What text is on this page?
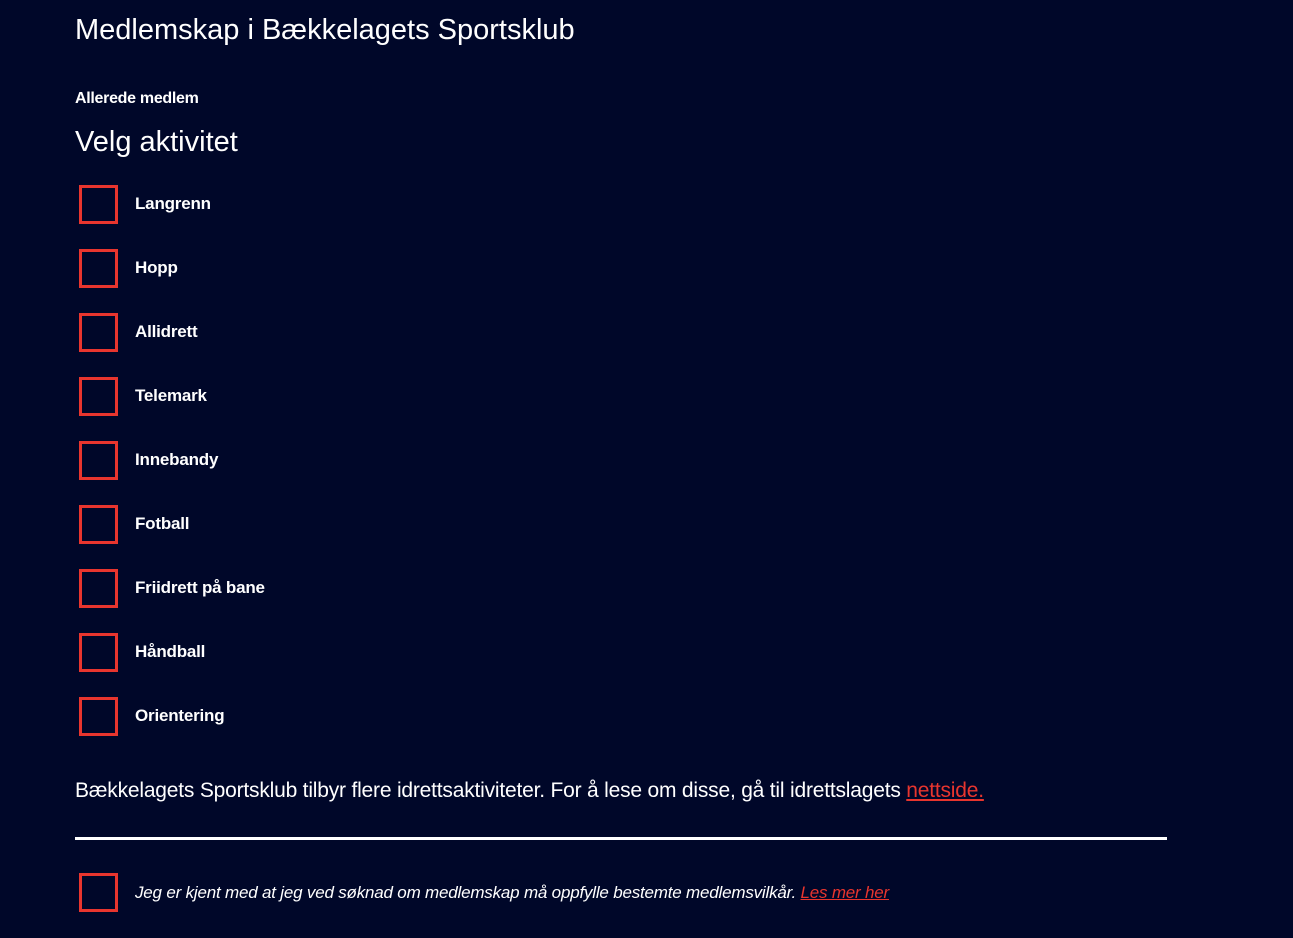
Medlemskap i Bækkelagets Sportsklub
Allerede medlem
Velg aktivitet
Langrenn
Hopp
Allidrett
Telemark
Innebandy
Fotball
Friidrett på bane
Håndball
Orientering

Bækkelagets Sportsklub tilbyr flere idrettsaktiviteter. For å lese om disse, gå til idrettslagets nettside.

Jeg er kjent med at jeg ved søknad om medlemskap må oppfylle bestemte medlemsvilkår. Les mer her
